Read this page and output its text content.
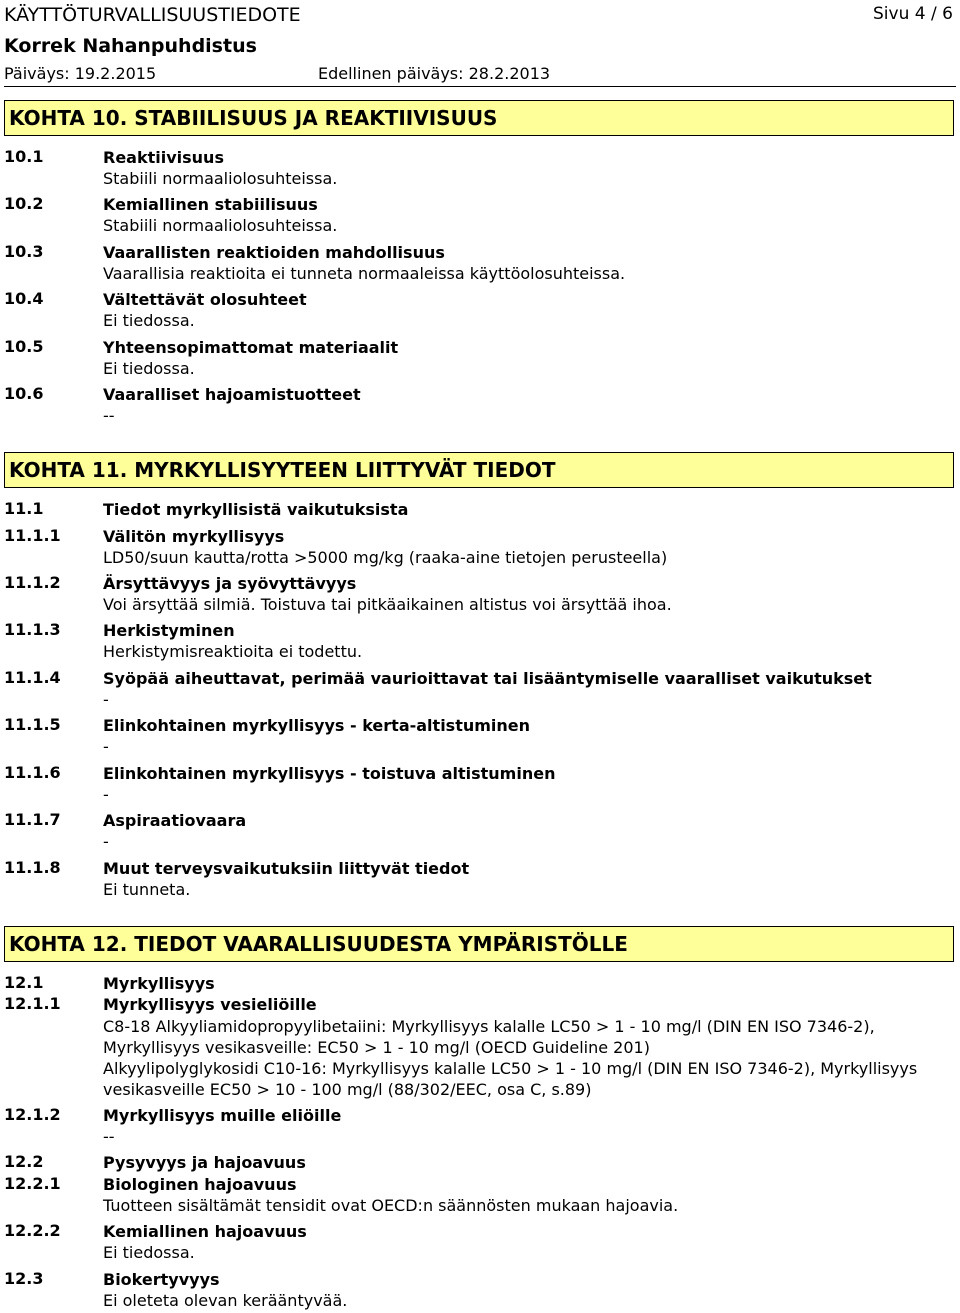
KÄYTTÖTURVALLISUUSTIEDOTE	Sivu 4 / 6
Korrek Nahanpuhdistus
Päiväys: 19.2.2015	Edellinen päiväys: 28.2.2013
KOHTA 10. STABIILISUUS JA REAKTIIVISUUS
10.1	Reaktiivisuus
Stabiili normaaliolosuhteissa.
10.2	Kemiallinen stabiilisuus
Stabiili normaaliolosuhteissa.
10.3	Vaarallisten reaktioiden mahdollisuus
Vaarallisia reaktioita ei tunneta normaaleissa käyttöolosuhteissa.
10.4	Vältettävät olosuhteet
Ei tiedossa.
10.5	Yhteensopimattomat materiaalit
Ei tiedossa.
10.6	Vaaralliset hajoamistuotteet
--
KOHTA 11. MYRKYLLISYYTEEN LIITTYVÄT TIEDOT
11.1	Tiedot myrkyllisistä vaikutuksista
11.1.1	Välitön myrkyllisyys
LD50/suun kautta/rotta >5000 mg/kg (raaka-aine tietojen perusteella)
11.1.2	Ärsyttävyys ja syövyttävyys
Voi ärsyttää silmiä. Toistuva tai pitkäaikainen altistus voi ärsyttää ihoa.
11.1.3	Herkistyminen
Herkistymisreaktioita ei todettu.
11.1.4	Syöpää aiheuttavat, perimää vaurioittavat tai lisääntymiselle vaaralliset vaikutukset
-
11.1.5	Elinkohtainen myrkyllisyys - kerta-altistuminen
-
11.1.6	Elinkohtainen myrkyllisyys - toistuva altistuminen
-
11.1.7	Aspiraatiovaara
-
11.1.8	Muut terveysvaikutuksiin liittyvät tiedot
Ei tunneta.
KOHTA 12. TIEDOT VAARALLISUUDESTA YMPÄRISTÖLLE
12.1	Myrkyllisyys
12.1.1	Myrkyllisyys vesieliöille
C8-18 Alkyyliamidopropyylibetaiini: Myrkyllisyys kalalle LC50 > 1 - 10 mg/l (DIN EN ISO 7346-2), Myrkyllisyys vesikasveille: EC50 > 1 - 10 mg/l (OECD Guideline 201)
Alkyylipolyglykosidi C10-16: Myrkyllisyys kalalle LC50 > 1 - 10 mg/l (DIN EN ISO 7346-2), Myrkyllisyys vesikasveille EC50 > 10 - 100 mg/l (88/302/EEC, osa C, s.89)
12.1.2	Myrkyllisyys muille eliöille
--
12.2	Pysyvyys ja hajoavuus
12.2.1	Biologinen hajoavuus
Tuotteen sisältämät tensidit ovat OECD:n säännösten mukaan hajoavia.
12.2.2	Kemiallinen hajoavuus
Ei tiedossa.
12.3	Biokertyvyys
Ei oleteta olevan kerääntyvää.
